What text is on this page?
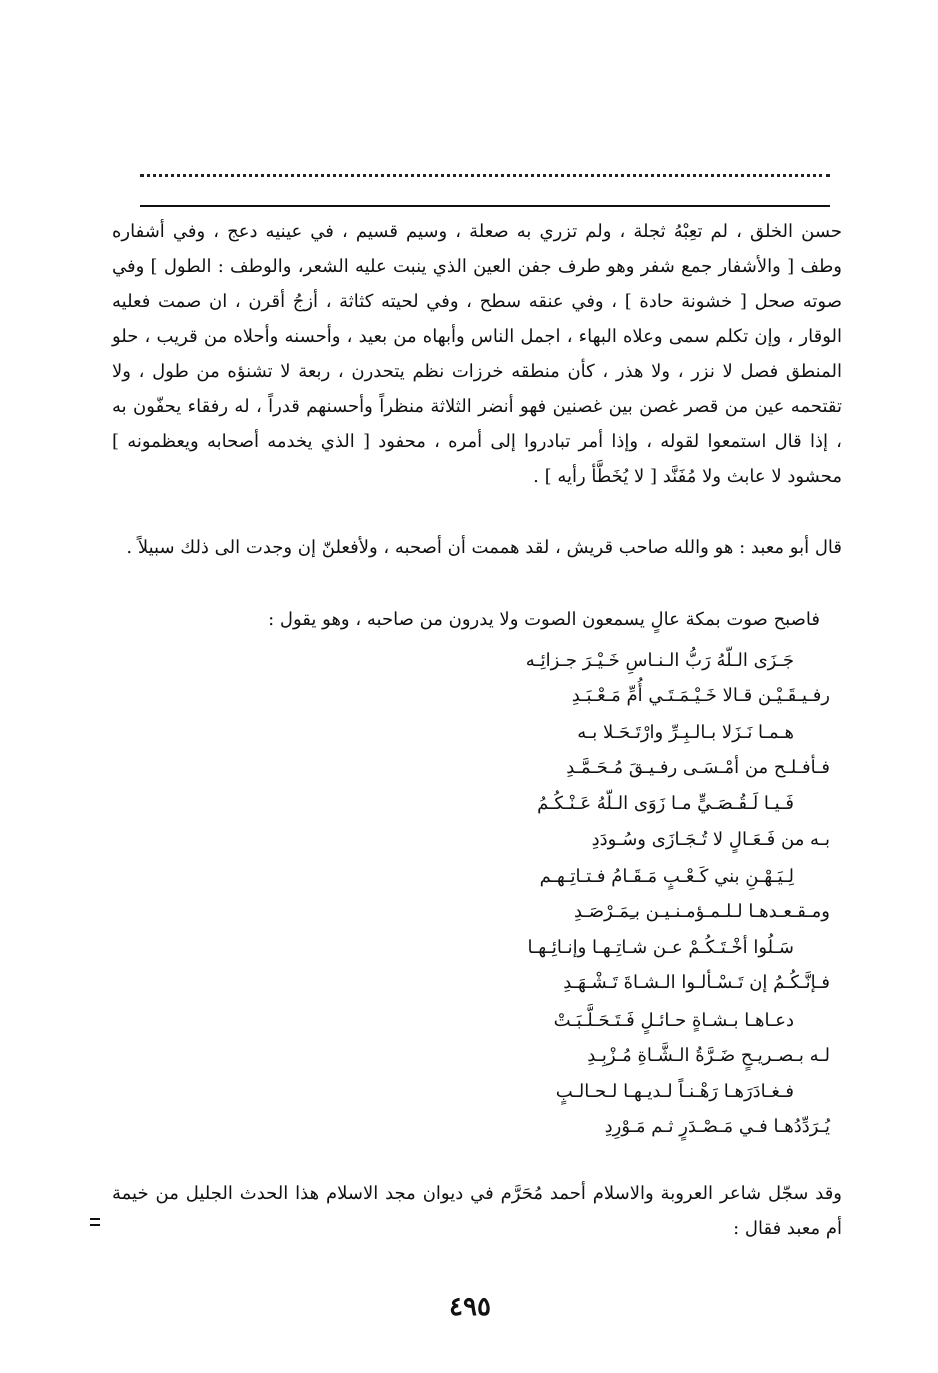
حسن الخلق ، لم تعِبْهُ ثجلة ، ولم تزري به صعلة ، وسيم قسيم ، في عينيه دعج ، وفي أشفاره وطف [ والأشفار جمع شفر وهو طرف جفن العين الذي ينبت عليه الشعر، والوطف : الطول ] وفي صوته صحل [ خشونة حادة ] ، وفي عنقه سطح ، وفي لحيته كثاثة ، أزجُ أقرن ، ان صمت فعليه الوقار ، وإن تكلم سمى وعلاه البهاء ، اجمل الناس وأبهاه من بعيد ، وأحسنه وأحلاه من قريب ، حلو المنطق فصل لا نزر ، ولا هذر ، كأن منطقه خرزات نظم يتحدرن ، ربعة لا تشنؤه من طول ، ولا تقتحمه عين من قصر غصن بين غصنين فهو أنضر الثلاثة منظراً وأحسنهم قدراً ، له رفقاء يحفّون به ، إذا قال استمعوا لقوله ، وإذا أمر تبادروا إلى أمره ، محفود [ الذي يخدمه أصحابه ويعظمونه ] محشود لا عابث ولا مُفَنَّد [ لا يُخَطَّأ رأيه ] .

قال أبو معبد : هو والله صاحب قريش ، لقد هممت أن أصحبه ، ولأفعلنّ إن وجدت الى ذلك سبيلاً .

فاصبح صوت بمكة عالٍ يسمعون الصوت ولا يدرون من صاحبه ، وهو يقول :

جَـزَى الـلّهُ رَبُّ الـنـاسِ خَـيْـرَ جـزائِـه
رفـيـقَـيْـن قـالا خَـيْـمَـتَـي أُمِّ مَـعْـبَـدِ
هـمـا نَـزَلا بـالـبِـرِّ وارْتَـحَـلا بـه
فـأفـلـح من أمْـسَـى رفـيـقَ مُـحَـمَّـدِ
فَـيـا لَـقُـصَـيٍّ مـا زَوَى الـلّهُ عَـنْـكُـمُ
بـه من فَـعَـالٍ لا تُـجَـازَى وسُـودَدِ
لِـيَـهْـنِ بني كَـعْـبٍ مَـقَـامُ فـتـاتِـهـم
ومـقـعـدهـا لـلـمـؤمـنـيـن بـِمَـرْصَـدِ
سَـلُوا أخْـتَـكُـمْ عـن شـاتِـهـا وإنـائِـهـا
فـإنَّـكُـمُ إن تَـسْـألـوا الـشـاةَ تَـشْـهَـدِ
دعـاهـا بـشـاةٍ حـائـلٍ فَـتَـحَـلَّـبَـتْ
لـه بـصـريـحٍ ضَـرَّةُ الـشَّـاةِ مُـزْبِـدِ
فـغـادَرَهـا رَهْـنـاً لـديـهـا لـحـالـبٍ
يُـرَدِّدُهـا فـي مَـصْـدَرٍ ثـم مَـوْرِدِ

وقد سجّل شاعر العروبة والاسلام أحمد مُحَرَّم في ديوان مجد الاسلام هذا الحدث الجليل من خيمة أم معبد فقال :

٤٩٥
